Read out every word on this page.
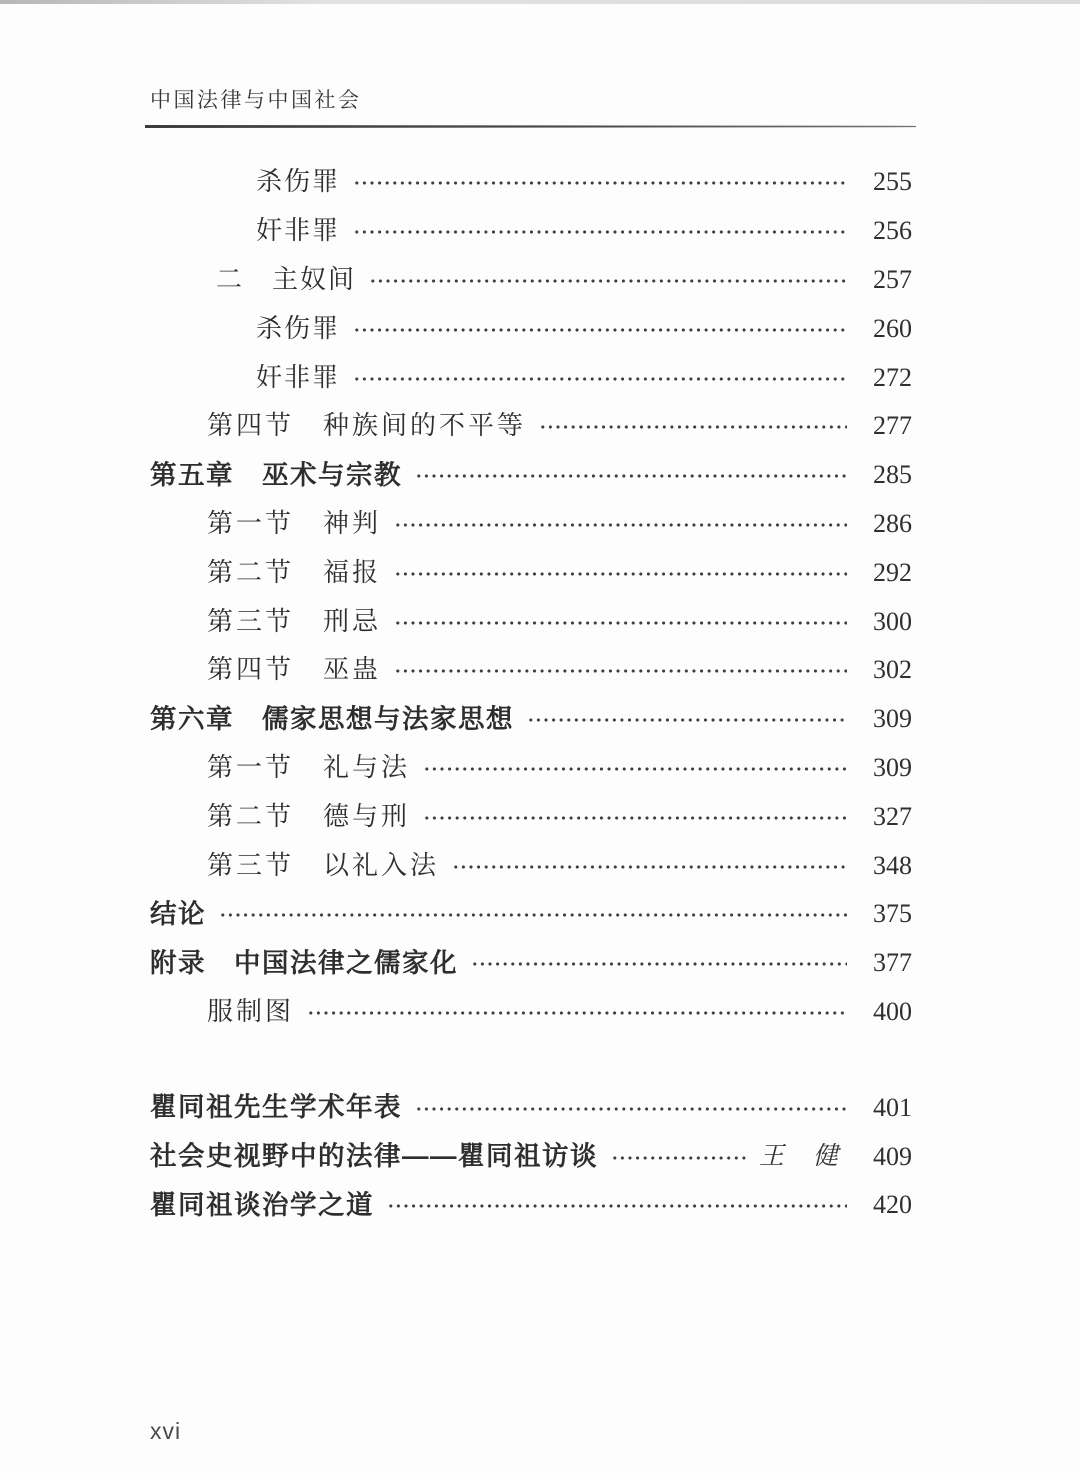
中国法律与中国社会
杀伤罪	255
奸非罪	256
二　主奴间	257
杀伤罪	260
奸非罪	272
第四节　种族间的不平等	277
第五章　巫术与宗教	285
第一节　神判	286
第二节　福报	292
第三节　刑忌	300
第四节　巫蛊	302
第六章　儒家思想与法家思想	309
第一节　礼与法	309
第二节　德与刑	327
第三节　以礼入法	348
结论	375
附录　中国法律之儒家化	377
服制图	400
瞿同祖先生学术年表	401
社会史视野中的法律——瞿同祖访谈	王　健	409
瞿同祖谈治学之道	420
xvi
